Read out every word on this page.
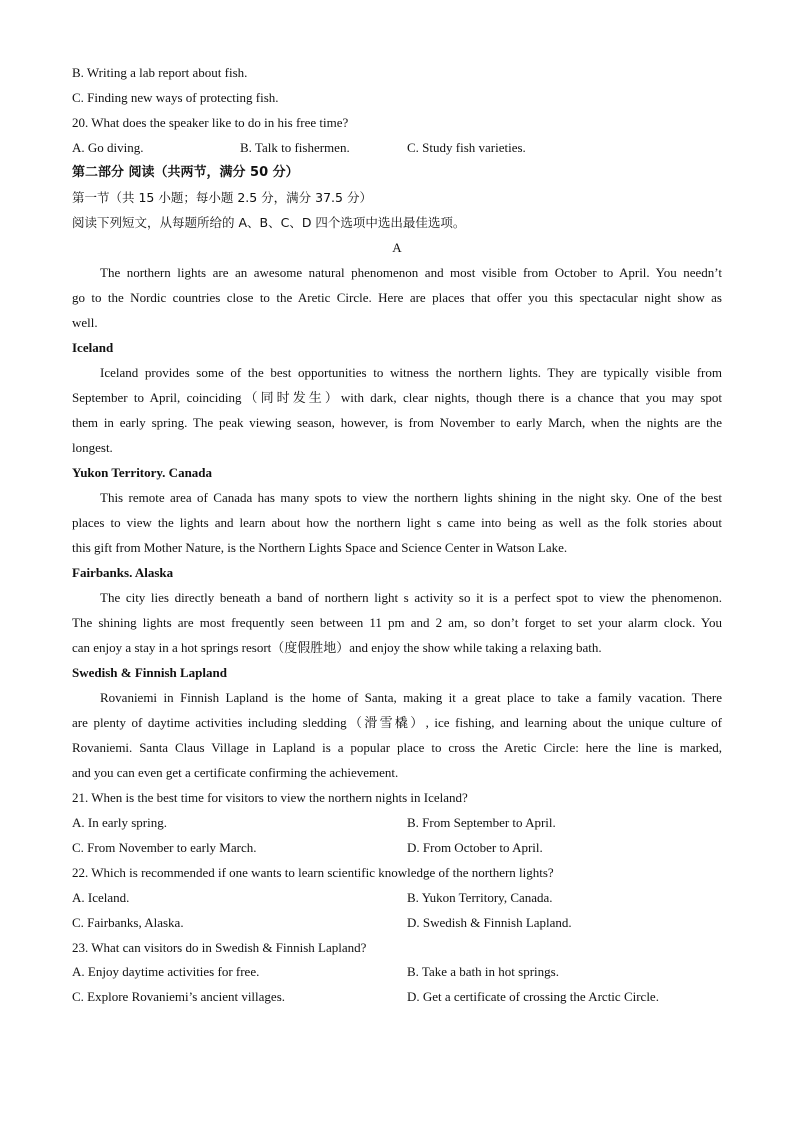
B. Writing a lab report about fish.
C. Finding new ways of protecting fish.
20. What does the speaker like to do in his free time?
A. Go diving.	B. Talk to fishermen.	C. Study fish varieties.
第二部分 阅读（共两节，满分 50 分）
第一节（共 15 小题；每小题 2.5 分，满分 37.5 分）
阅读下列短文，从每题所给的 A、B、C、D 四个选项中选出最佳选项。
A
The northern lights are an awesome natural phenomenon and most visible from October to April. You needn’t
go to the Nordic countries close to the Aretic Circle. Here are places that offer you this spectacular night show as
well.
Iceland
Iceland provides some of the best opportunities to witness the northern lights. They are typically visible from
September to April, coinciding（同时发生）with dark, clear nights, though there is a chance that you may spot
them in early spring. The peak viewing season, however, is from November to early March, when the nights are the
longest.
Yukon Territory. Canada
This remote area of Canada has many spots to view the northern lights shining in the night sky. One of the best
places to view the lights and learn about how the northern light s came into being as well as the folk stories about
this gift from Mother Nature, is the Northern Lights Space and Science Center in Watson Lake.
Fairbanks. Alaska
The city lies directly beneath a band of northern light s activity so it is a perfect spot to view the phenomenon.
The shining lights are most frequently seen between 11 pm and 2 am, so don’t forget to set your alarm clock. You
can enjoy a stay in a hot springs resort（度假胜地）and enjoy the show while taking a relaxing bath.
Swedish & Finnish Lapland
Rovaniemi in Finnish Lapland is the home of Santa, making it a great place to take a family vacation. There
are plenty of daytime activities including sledding（滑雪橇）, ice fishing, and learning about the unique culture of
Rovaniemi. Santa Claus Village in Lapland is a popular place to cross the Aretic Circle: here the line is marked,
and you can even get a certificate confirming the achievement.
21. When is the best time for visitors to view the northern nights in Iceland?
A. In early spring.	B. From September to April.
C. From November to early March.	D. From October to April.
22. Which is recommended if one wants to learn scientific knowledge of the northern lights?
A. Iceland.	B. Yukon Territory, Canada.
C. Fairbanks, Alaska.	D. Swedish & Finnish Lapland.
23. What can visitors do in Swedish & Finnish Lapland?
A. Enjoy daytime activities for free.	B. Take a bath in hot springs.
C. Explore Rovaniemi’s ancient villages.	D. Get a certificate of crossing the Arctic Circle.
